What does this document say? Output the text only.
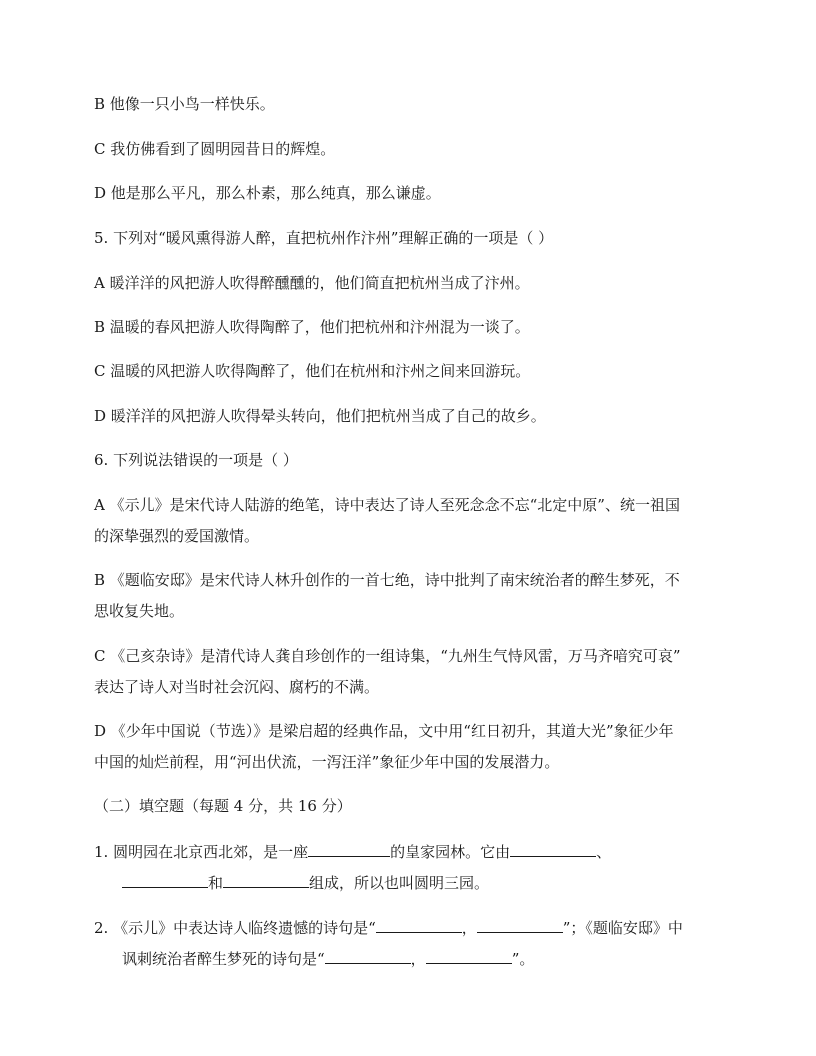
B 他像一只小鸟一样快乐。
C 我仿佛看到了圆明园昔日的辉煌。
D 他是那么平凡，那么朴素，那么纯真，那么谦虚。
5. 下列对“暖风熏得游人醉，直把杭州作汴州”理解正确的一项是（ ）
A 暖洋洋的风把游人吹得醉醺醺的，他们简直把杭州当成了汴州。
B 温暖的春风把游人吹得陶醉了，他们把杭州和汴州混为一谈了。
C 温暖的风把游人吹得陶醉了，他们在杭州和汴州之间来回游玩。
D 暖洋洋的风把游人吹得晕头转向，他们把杭州当成了自己的故乡。
6. 下列说法错误的一项是（ ）
A 《示儿》是宋代诗人陆游的绝笔，诗中表达了诗人至死念念不忘“北定中原”、统一祖国
的深挚强烈的爱国激情。
B 《题临安邸》是宋代诗人林升创作的一首七绝，诗中批判了南宋统治者的醉生梦死，不
思收复失地。
C 《己亥杂诗》是清代诗人龚自珍创作的一组诗集，“九州生气恃风雷，万马齐喑究可哀”
表达了诗人对当时社会沉闷、腐朽的不满。
D 《少年中国说（节选）》是梁启超的经典作品，文中用“红日初升，其道大光”象征少年
中国的灿烂前程，用“河出伏流，一泻汪洋”象征少年中国的发展潜力。
（二）填空题（每题 4 分，共 16 分）
1. 圆明园在北京西北郊，是一座	的皇家园林。它由	、
和	组成，所以也叫圆明三园。
2. 《示儿》中表达诗人临终遗憾的诗句是“	，	”；《题临安邸》中
讽刺统治者醉生梦死的诗句是“	，	”。
